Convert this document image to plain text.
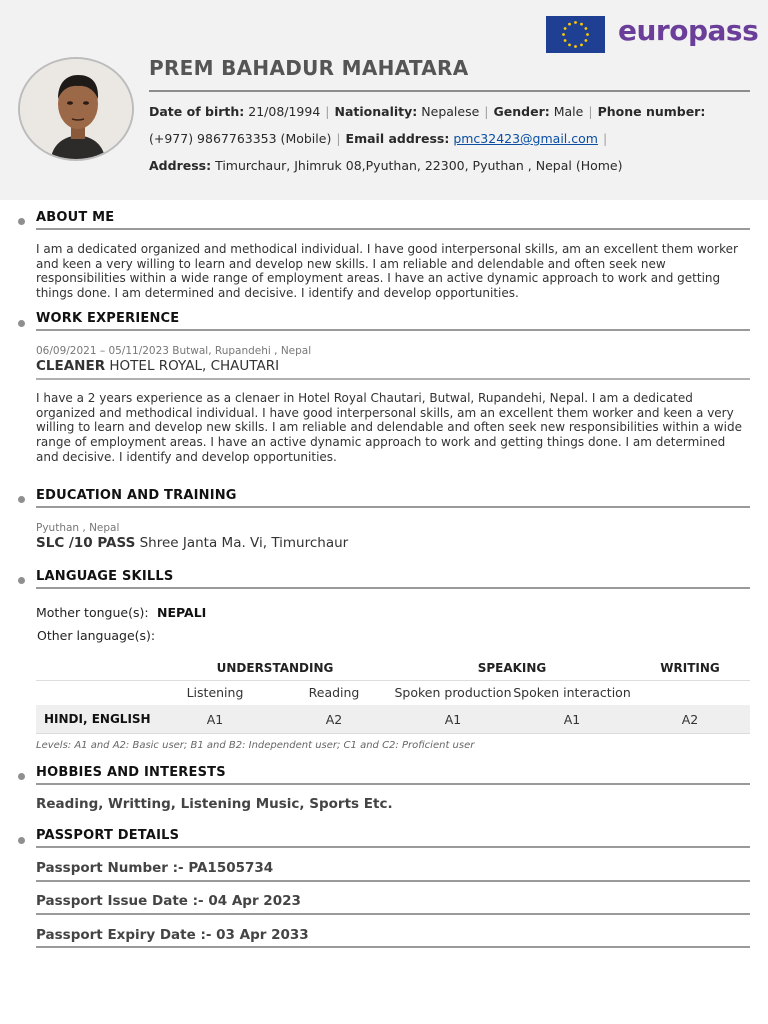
PREM BAHADUR MAHATARA
Date of birth: 21/08/1994 | Nationality: Nepalese | Gender: Male | Phone number:
(+977) 9867763353 (Mobile) | Email address: pmc32423@gmail.com |
Address: Timurchaur, Jhimruk 08,Pyuthan, 22300, Pyuthan , Nepal (Home)
europass
ABOUT ME
I am a dedicated organized and methodical individual. I have good interpersonal skills, am an excellent them worker and keen a very willing to learn and develop new skills. I am reliable and delendable and often seek new responsibilities within a wide range of employment areas. I have an active dynamic approach to work and getting things done. I am determined and decisive. I identify and develop opportunities.
WORK EXPERIENCE
06/09/2021 – 05/11/2023 Butwal, Rupandehi , Nepal
CLEANER HOTEL ROYAL, CHAUTARI
I have a 2 years experience as a clenaer in Hotel Royal Chautari, Butwal, Rupandehi, Nepal. I am a dedicated organized and methodical individual. I have good interpersonal skills, am an excellent them worker and keen a very willing to learn and develop new skills. I am reliable and delendable and often seek new responsibilities within a wide range of employment areas. I have an active dynamic approach to work and getting things done. I am determined and decisive. I identify and develop opportunities.
EDUCATION AND TRAINING
Pyuthan , Nepal
SLC /10 PASS Shree Janta Ma. Vi, Timurchaur
LANGUAGE SKILLS
Mother tongue(s): NEPALI
Other language(s):
UNDERSTANDING	SPEAKING	WRITING
Listening	Reading	Spoken production Spoken interaction
HINDI, ENGLISH	A1	A2	A1	A1	A2
Levels: A1 and A2: Basic user; B1 and B2: Independent user; C1 and C2: Proficient user
HOBBIES AND INTERESTS
Reading, Writting, Listening Music, Sports Etc.
PASSPORT DETAILS
Passport Number :- PA1505734
Passport Issue Date :- 04 Apr 2023
Passport Expiry Date :- 03 Apr 2033
